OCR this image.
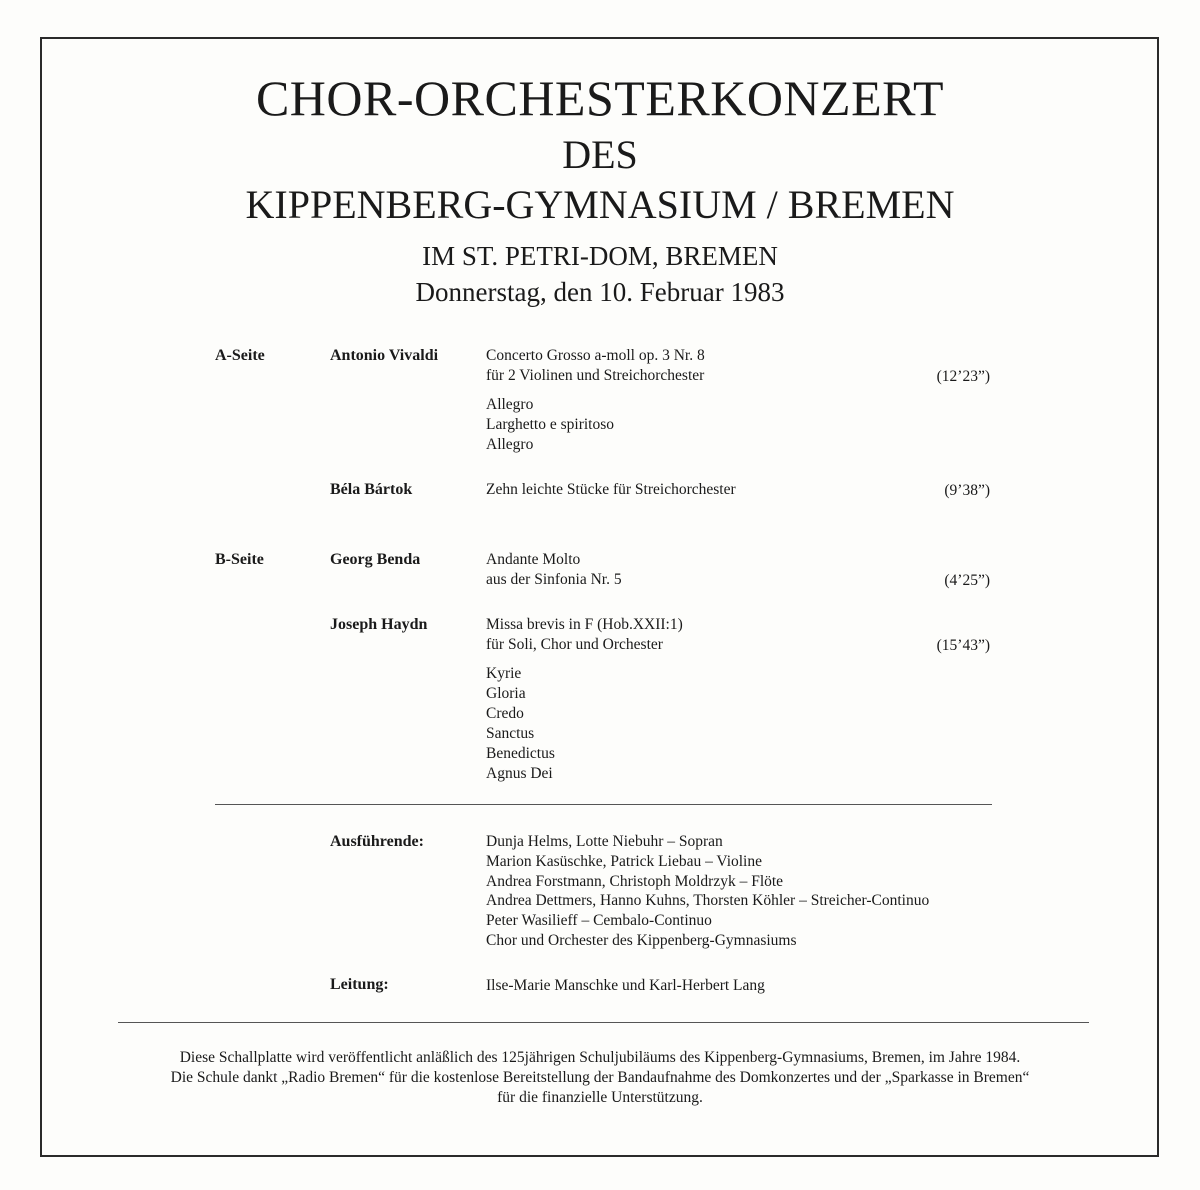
CHOR-ORCHESTERKONZERT
DES
KIPPENBERG-GYMNASIUM / BREMEN
IM ST. PETRI-DOM, BREMEN
Donnerstag, den 10. Februar 1983
A-Seite	Antonio Vivaldi	Concerto Grosso a-moll op. 3 Nr. 8
für 2 Violinen und Streichorchester	(12’23”)
Allegro
Larghetto e spiritoso
Allegro
Béla Bártok	Zehn leichte Stücke für Streichorchester	(9’38”)
B-Seite	Georg Benda	Andante Molto
aus der Sinfonia Nr. 5	(4’25”)
Joseph Haydn	Missa brevis in F (Hob.XXII:1)
für Soli, Chor und Orchester	(15’43”)
Kyrie
Gloria
Credo
Sanctus
Benedictus
Agnus Dei
Ausführende:	Dunja Helms, Lotte Niebuhr – Sopran
Marion Kasüschke, Patrick Liebau – Violine
Andrea Forstmann, Christoph Moldrzyk – Flöte
Andrea Dettmers, Hanno Kuhns, Thorsten Köhler – Streicher-Continuo
Peter Wasilieff – Cembalo-Continuo
Chor und Orchester des Kippenberg-Gymnasiums
Leitung:	Ilse-Marie Manschke und Karl-Herbert Lang
Diese Schallplatte wird veröffentlicht anläßlich des 125jährigen Schuljubiläums des Kippenberg-Gymnasiums, Bremen, im Jahre 1984.
Die Schule dankt „Radio Bremen“ für die kostenlose Bereitstellung der Bandaufnahme des Domkonzertes und der „Sparkasse in Bremen“
für die finanzielle Unterstützung.
